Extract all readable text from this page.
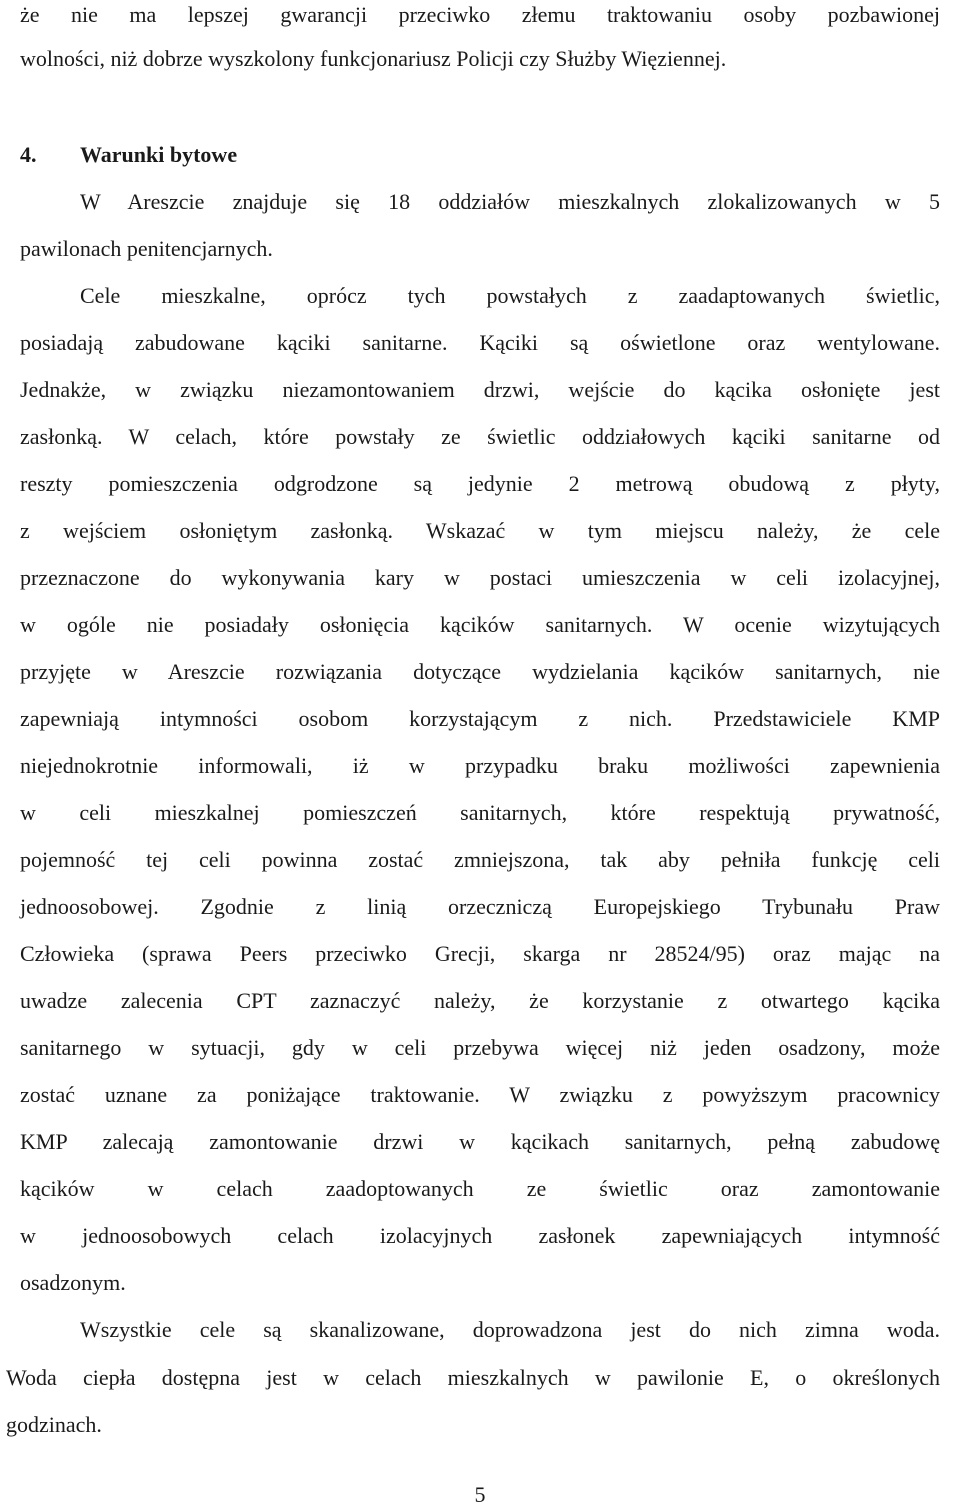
że nie ma lepszej gwarancji przeciwko złemu traktowaniu osoby pozbawionej
wolności, niż dobrze wyszkolony funkcjonariusz Policji czy Służby Więziennej.
4. Warunki bytowe
W Areszcie znajduje się 18 oddziałów mieszkalnych zlokalizowanych w 5
pawilonach penitencjarnych.
Cele mieszkalne, oprócz tych powstałych z zaadaptowanych świetlic,
posiadają zabudowane kąciki sanitarne. Kąciki są oświetlone oraz wentylowane.
Jednakże, w związku niezamontowaniem drzwi, wejście do kącika osłonięte jest
zasłonką. W celach, które powstały ze świetlic oddziałowych kąciki sanitarne od
reszty pomieszczenia odgrodzone są jedynie 2 metrową obudową z płyty,
z wejściem osłoniętym zasłonką. Wskazać w tym miejscu należy, że cele
przeznaczone do wykonywania kary w postaci umieszczenia w celi izolacyjnej,
w ogóle nie posiadały osłonięcia kącików sanitarnych. W ocenie wizytujących
przyjęte w Areszcie rozwiązania dotyczące wydzielania kącików sanitarnych, nie
zapewniają intymności osobom korzystającym z nich. Przedstawiciele KMP
niejednokrotnie informowali, iż w przypadku braku możliwości zapewnienia
w celi mieszkalnej pomieszczeń sanitarnych, które respektują prywatność,
pojemność tej celi powinna zostać zmniejszona, tak aby pełniła funkcję celi
jednoosobowej. Zgodnie z linią orzeczniczą Europejskiego Trybunału Praw
Człowieka (sprawa Peers przeciwko Grecji, skarga nr 28524/95) oraz mając na
uwadze zalecenia CPT zaznaczyć należy, że korzystanie z otwartego kącika
sanitarnego w sytuacji, gdy w celi przebywa więcej niż jeden osadzony, może
zostać uznane za poniżające traktowanie. W związku z powyższym pracownicy
KMP zalecają zamontowanie drzwi w kącikach sanitarnych, pełną zabudowę
kącików w celach zaadoptowanych ze świetlic oraz zamontowanie
w jednoosobowych celach izolacyjnych zasłonek zapewniających intymność
osadzonym.
Wszystkie cele są skanalizowane, doprowadzona jest do nich zimna woda.
Woda ciepła dostępna jest w celach mieszkalnych w pawilonie E, o określonych
godzinach.
5
